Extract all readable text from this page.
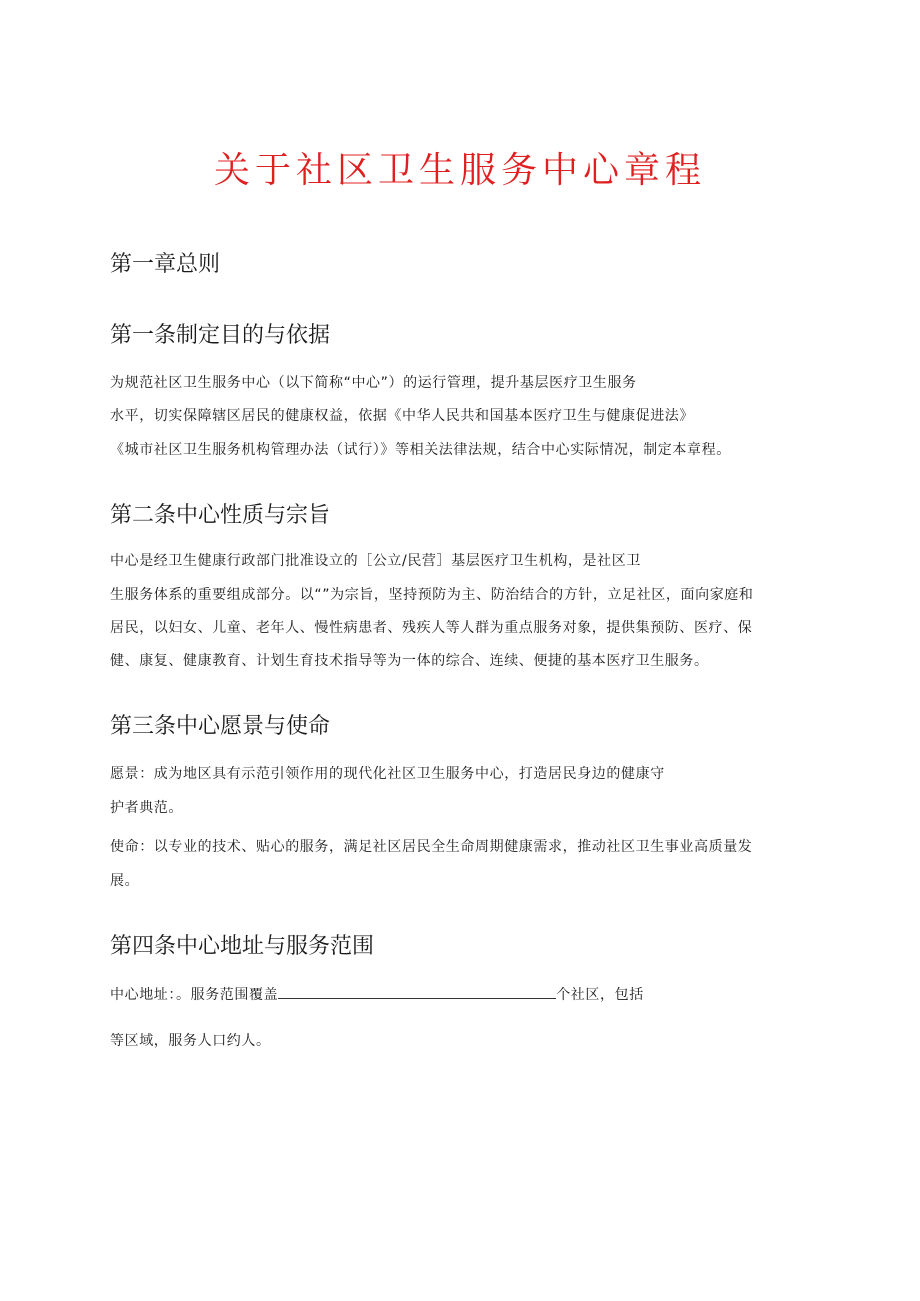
关于社区卫生服务中心章程
第一章总则
第一条制定目的与依据

为规范社区卫生服务中心（以下简称“中心”）的运行管理，提升基层医疗卫生服务

水平，切实保障辖区居民的健康权益，依据《中华人民共和国基本医疗卫生与健康促进法》

《城市社区卫生服务机构管理办法（试行）》等相关法律法规，结合中心实际情况，制定本章程。

第二条中心性质与宗旨

中心是经卫生健康行政部门批准设立的［公立/民营］基层医疗卫生机构，是社区卫

生服务体系的重要组成部分。以“”为宗旨，坚持预防为主、防治结合的方针，立足社区，面向家庭和

居民，以妇女、儿童、老年人、慢性病患者、残疾人等人群为重点服务对象，提供集预防、医疗、保

健、康复、健康教育、计划生育技术指导等为一体的综合、连续、便捷的基本医疗卫生服务。

第三条中心愿景与使命

愿景：成为地区具有示范引领作用的现代化社区卫生服务中心，打造居民身边的健康守

护者典范。

使命：以专业的技术、贴心的服务，满足社区居民全生命周期健康需求，推动社区卫生事业高质量发

展。

第四条中心地址与服务范围

中心地址：。服务范围覆盖	个社区，包括

等区域，服务人口约人。
